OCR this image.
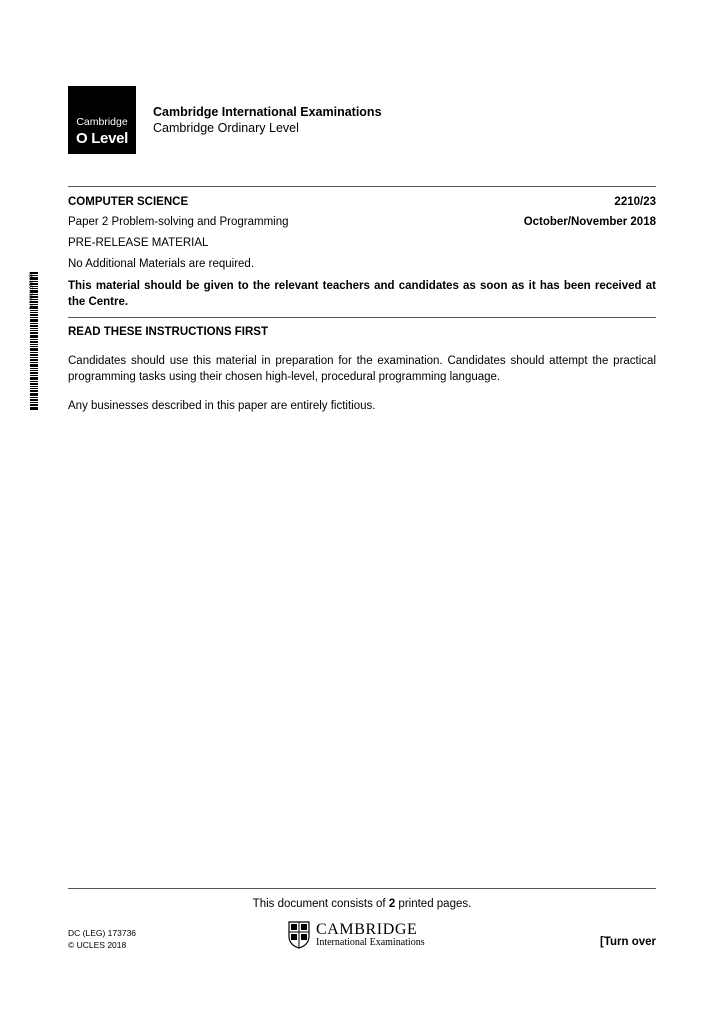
Cambridge
O Level
Cambridge International Examinations
Cambridge Ordinary Level
COMPUTER SCIENCE	2210/23
Paper 2 Problem-solving and Programming	October/November 2018
PRE-RELEASE MATERIAL
No Additional Materials are required.
This material should be given to the relevant teachers and candidates as soon as it has been received at the Centre.
READ THESE INSTRUCTIONS FIRST
Candidates should use this material in preparation for the examination. Candidates should attempt the practical programming tasks using their chosen high-level, procedural programming language.
Any businesses described in this paper are entirely fictitious.
8463227609475
This document consists of 2 printed pages.
DC (LEG) 173736
© UCLES 2018
CAMBRIDGE
International Examinations	[Turn over
